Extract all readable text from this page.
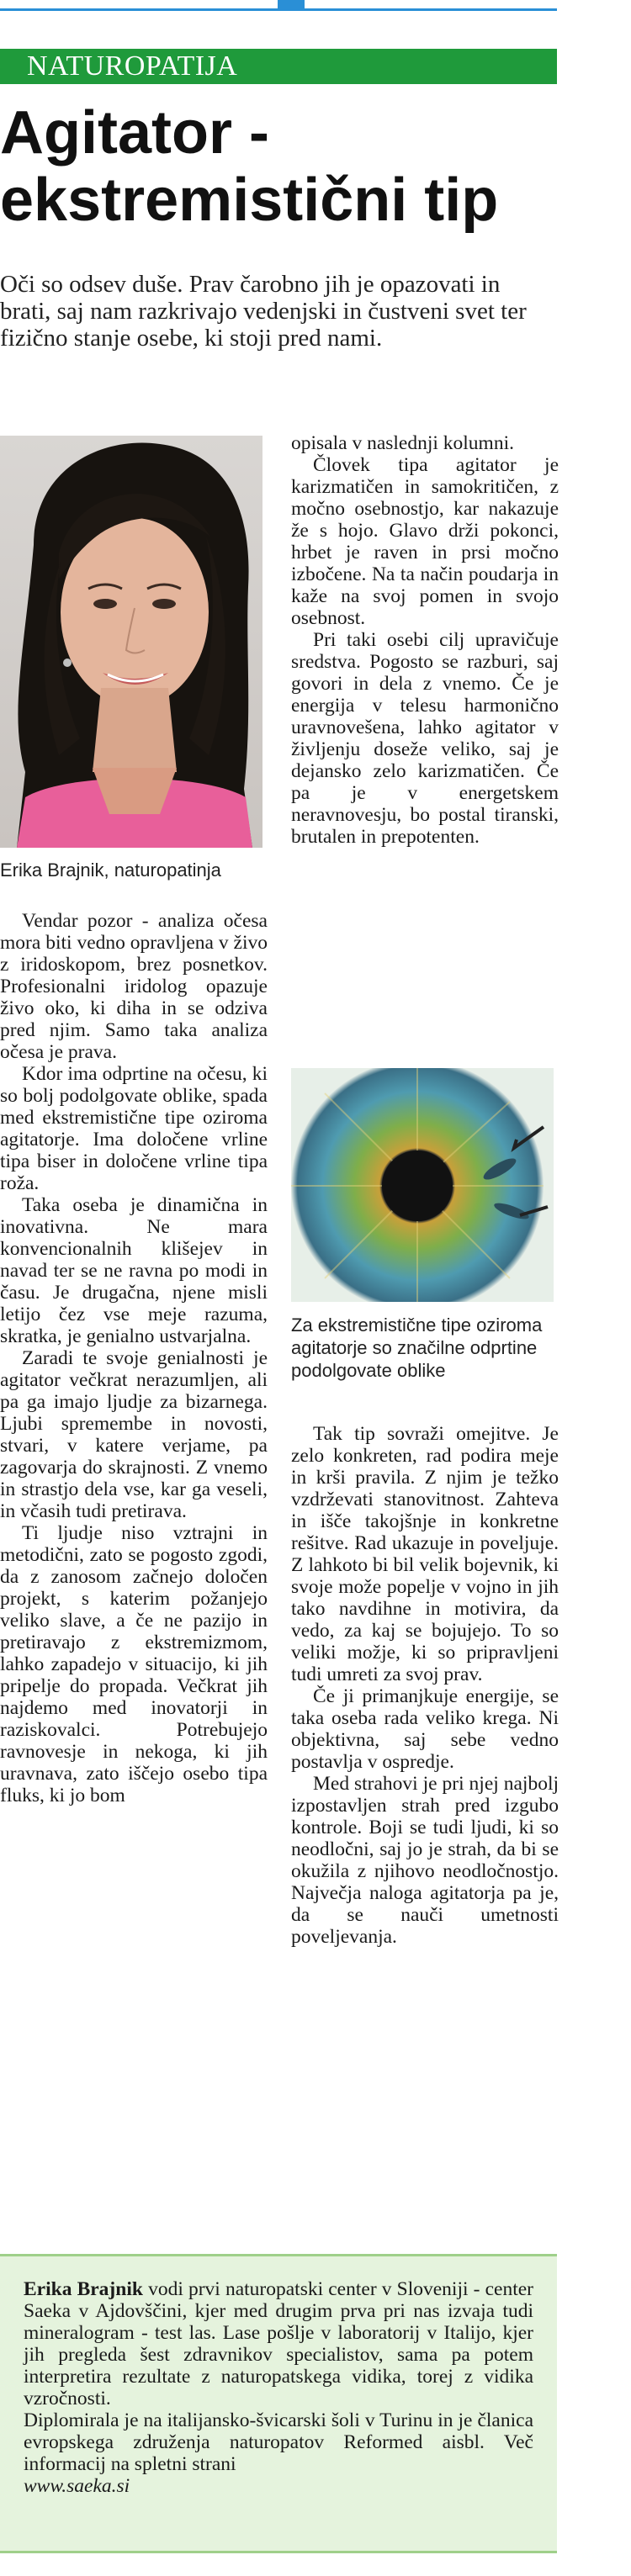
NATUROPATIJA
Agitator - ekstremistični tip
Oči so odsev duše. Prav čarobno jih je opazovati in brati, saj nam razkrivajo vedenjski in čustveni svet ter fizično stanje osebe, ki stoji pred nami.
Erika Brajnik, naturopatinja

Vendar pozor - analiza očesa mora biti vedno opravljena v živo z iridoskopom, brez posnetkov. Profesionalni iridolog opazuje živo oko, ki diha in se odziva pred njim. Samo taka analiza očesa je prava.

Kdor ima odprtine na očesu, ki so bolj podolgovate oblike, spada med ekstremistične tipe oziroma agitatorje. Ima določene vrline tipa biser in določene vrline tipa roža.

Taka oseba je dinamična in inovativna. Ne mara konvencionalnih klišejev in navad ter se ne ravna po modi in času. Je drugačna, njene misli letijo čez vse meje razuma, skratka, je genialno ustvarjalna.

Zaradi te svoje genialnosti je agitator večkrat nerazumljen, ali pa ga imajo ljudje za bizarnega. Ljubi spremembe in novosti, stvari, v katere verjame, pa zagovarja do skrajnosti. Z vnemo in strastjo dela vse, kar ga veseli, in včasih tudi pretirava.

Ti ljudje niso vztrajni in metodični, zato se pogosto zgodi, da z zanosom začnejo določen projekt, s katerim požanjejo veliko slave, a če ne pazijo in pretiravajo z ekstremizmom, lahko zapadejo v situacijo, ki jih pripelje do propada. Večkrat jih najdemo med inovatorji in raziskovalci. Potrebujejo ravnovesje in nekoga, ki jih uravnava, zato iščejo osebo tipa fluks, ki jo bom

opisala v naslednji kolumni.

Človek tipa agitator je karizmatičen in samokritičen, z močno osebnostjo, kar nakazuje že s hojo. Glavo drži pokonci, hrbet je raven in prsi močno izbočene. Na ta način poudarja in kaže na svoj pomen in svojo osebnost.

Pri taki osebi cilj upravičuje sredstva. Pogosto se razburi, saj govori in dela z vnemo. Če je energija v telesu harmonično uravnovešena, lahko agitator v življenju doseže veliko, saj je dejansko zelo karizmatičen. Če pa je v energetskem neravnovesju, bo postal tiranski, brutalen in prepotenten.

Za ekstremistične tipe oziroma agitatorje so značilne odprtine podolgovate oblike

Tak tip sovraži omejitve. Je zelo konkreten, rad podira meje in krši pravila. Z njim je težko vzdrževati stanovitnost. Zahteva in išče takojšnje in konkretne rešitve. Rad ukazuje in poveljuje. Z lahkoto bi bil velik bojevnik, ki svoje može popelje v vojno in jih tako navdihne in motivira, da vedo, za kaj se bojujejo. To so veliki možje, ki so pripravljeni tudi umreti za svoj prav.

Če ji primanjkuje energije, se taka oseba rada veliko krega. Ni objektivna, saj sebe vedno postavlja v ospredje.

Med strahovi je pri njej najbolj izpostavljen strah pred izgubo kontrole. Boji se tudi ljudi, ki so neodločni, saj jo je strah, da bi se okužila z njihovo neodločnostjo. Največja naloga agitatorja pa je, da se nauči umetnosti poveljevanja.

Erika Brajnik vodi prvi naturopatski center v Sloveniji - center Saeka v Ajdovščini, kjer med drugim prva pri nas izvaja tudi mineralogram - test las. Lase pošlje v laboratorij v Italijo, kjer jih pregleda šest zdravnikov specialistov, sama pa potem interpretira rezultate z naturopatskega vidika, torej z vidika vzročnosti.

Diplomirala je na italijansko-švicarski šoli v Turinu in je članica evropskega združenja naturopatov Reformed aisbl. Več informacij na spletni strani

www.saeka.si
